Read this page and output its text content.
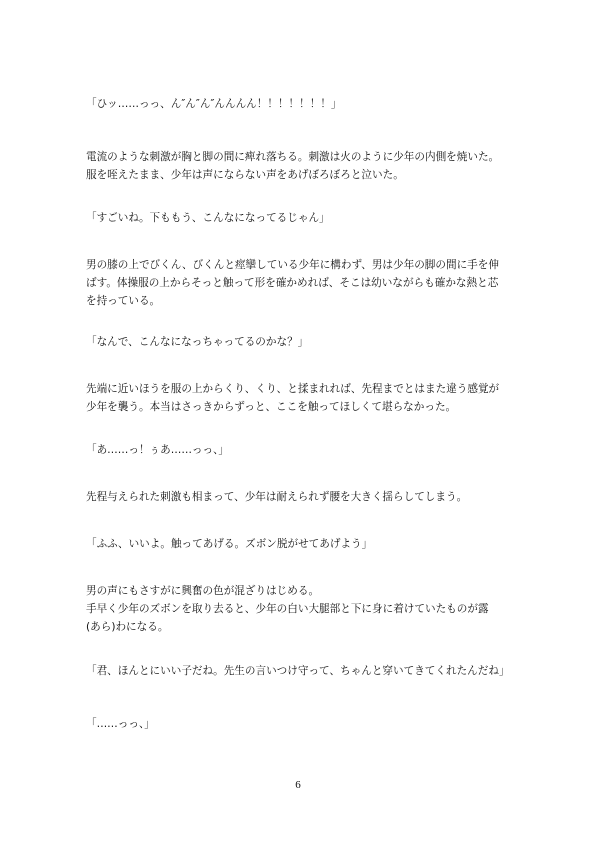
「ひッ……っっ、ん″ん″ん″んんんん！！！！！！！」

電流のような刺激が胸と脚の間に痺れ落ちる。刺激は火のように少年の内側を焼いた。
服を咥えたまま、少年は声にならない声をあげぼろぼろと泣いた。

「すごいね。下ももう、こんなになってるじゃん」

男の膝の上でびくん、びくんと痙攣している少年に構わず、男は少年の脚の間に手を伸
ばす。体操服の上からそっと触って形を確かめれば、そこは幼いながらも確かな熱と芯
を持っている。

「なんで、こんなになっちゃってるのかな？」

先端に近いほうを服の上からくり、くり、と揉まれれば、先程までとはまた違う感覚が
少年を襲う。本当はさっきからずっと、ここを触ってほしくて堪らなかった。

「あ……っ！ぅあ……っっ、」

先程与えられた刺激も相まって、少年は耐えられず腰を大きく揺らしてしまう。

「ふふ、いいよ。触ってあげる。ズボン脱がせてあげよう」

男の声にもさすがに興奮の色が混ざりはじめる。
手早く少年のズボンを取り去ると、少年の白い大腿部と下に身に着けていたものが露
(あら)わになる。

「君、ほんとにいい子だね。先生の言いつけ守って、ちゃんと穿いてきてくれたんだね」

「……っっ、」

6
